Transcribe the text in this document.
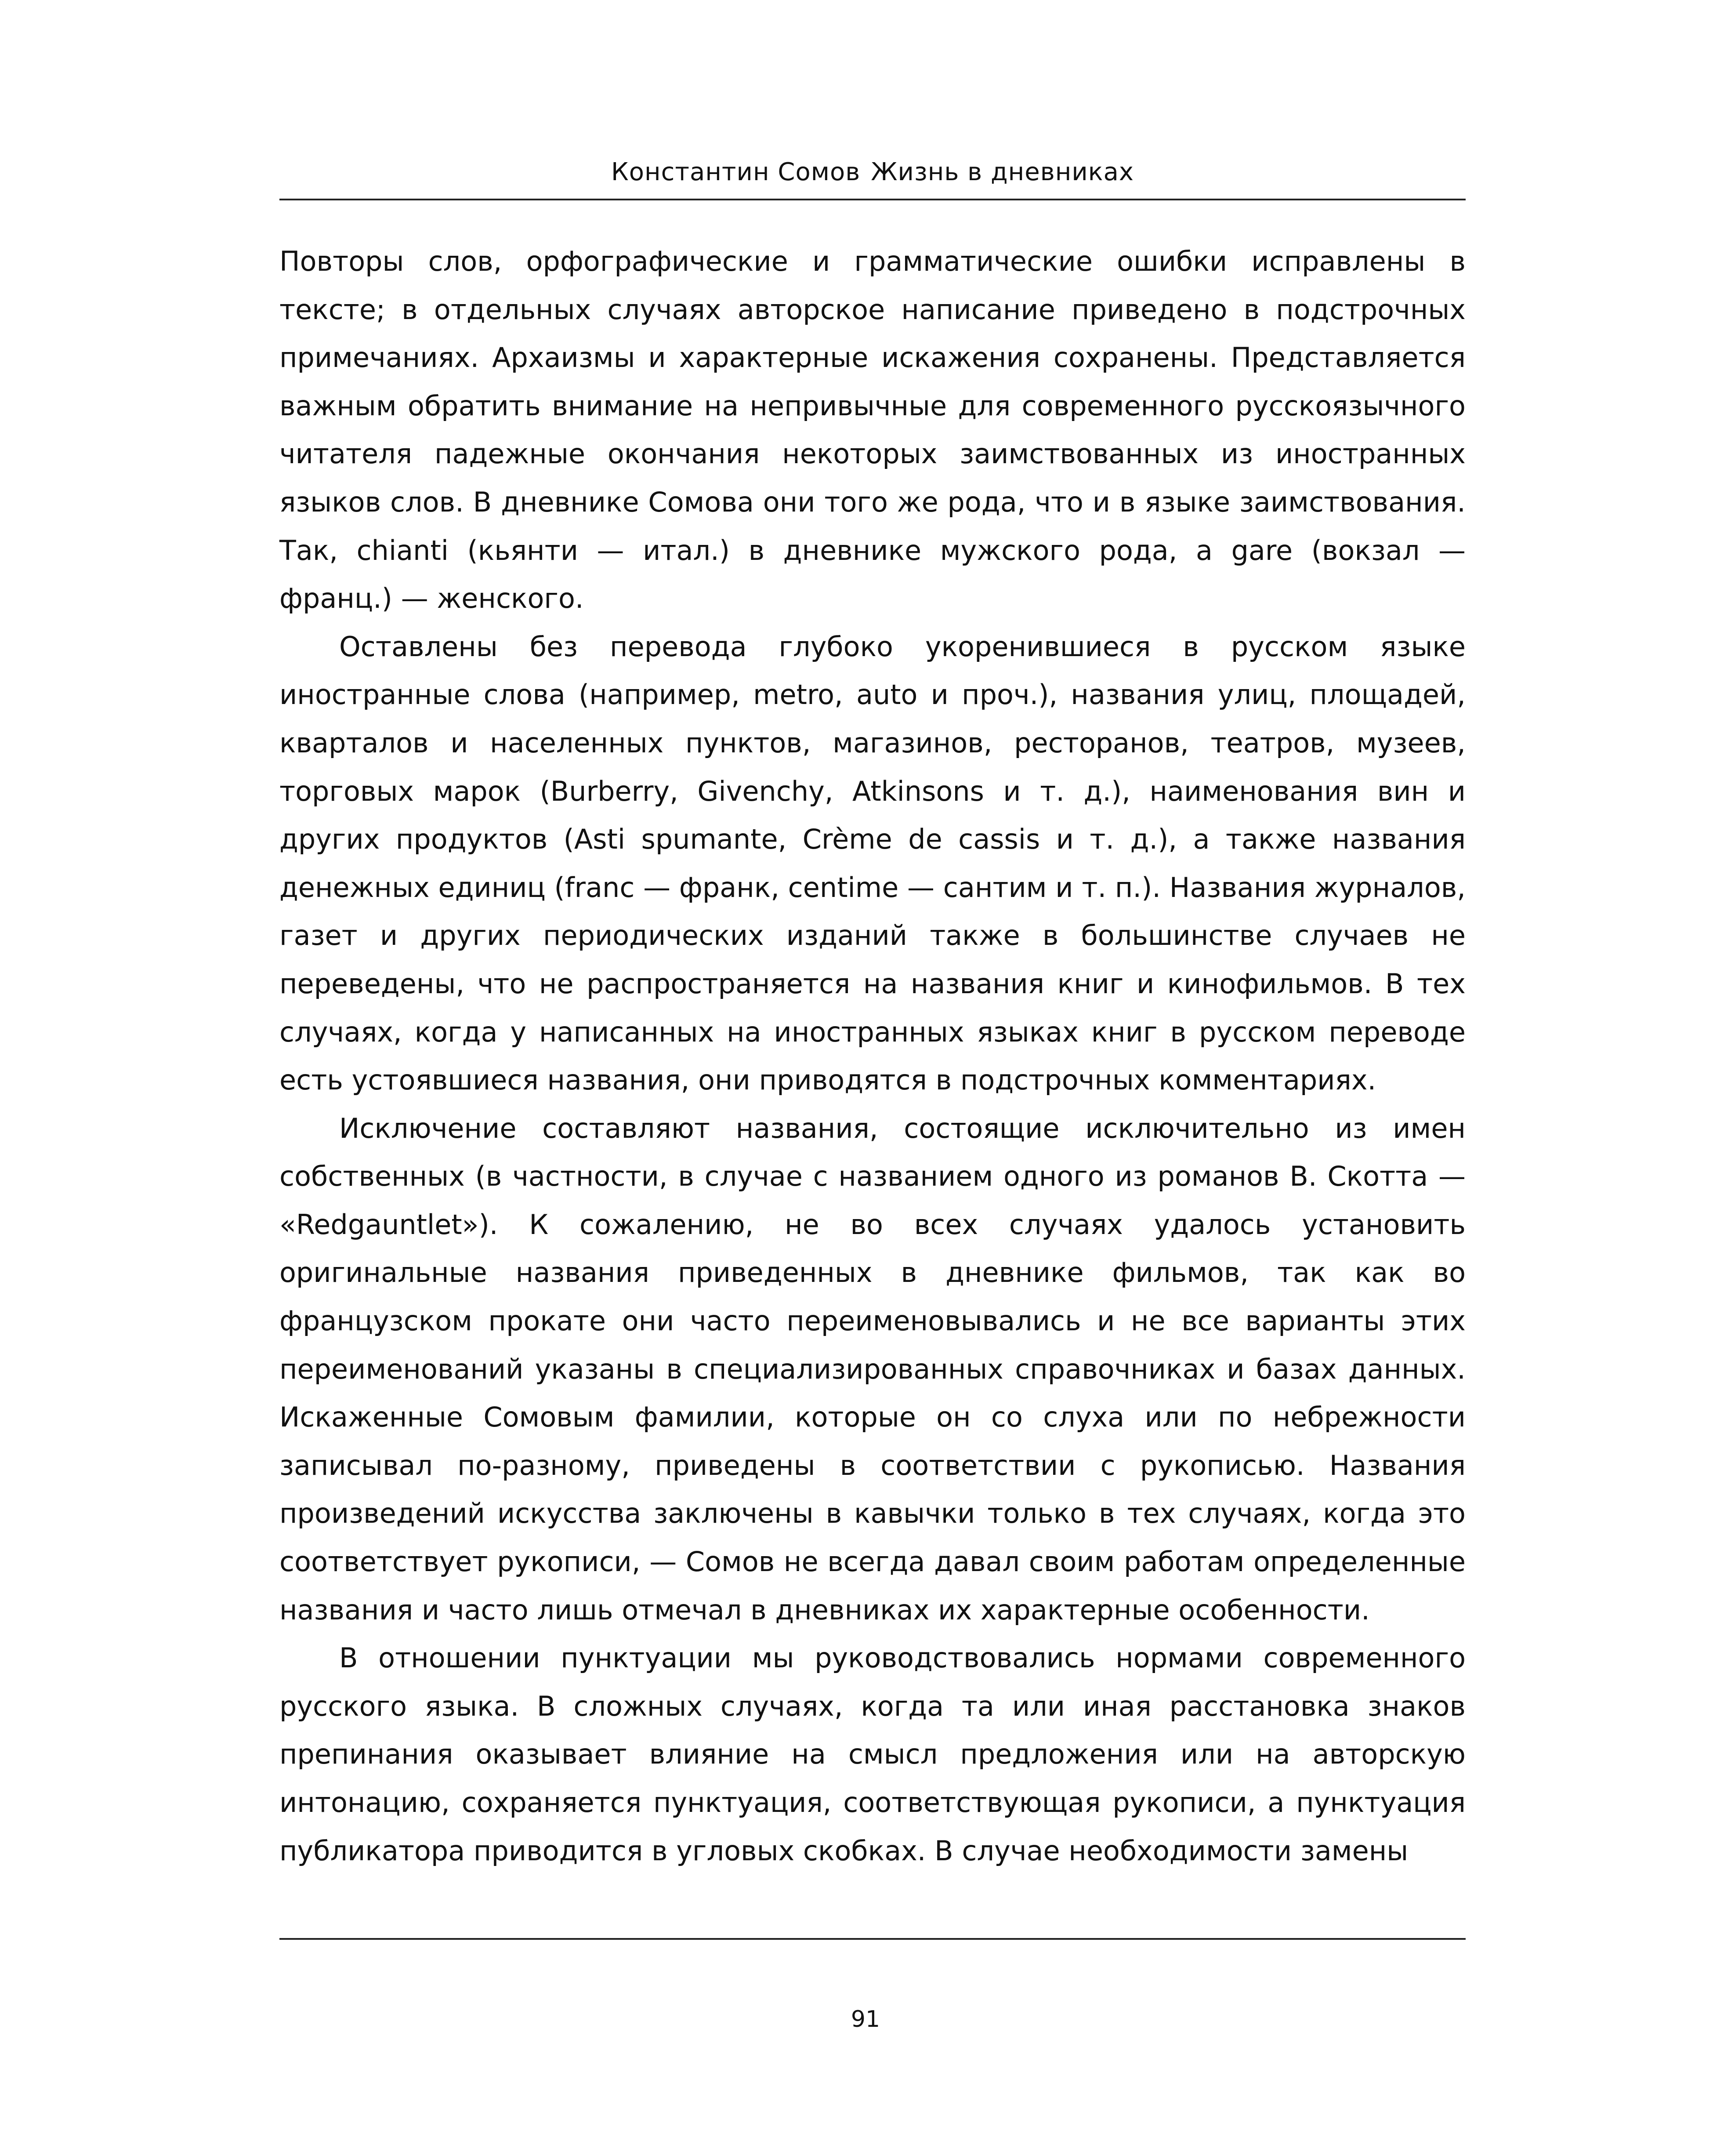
Константин Сомов Жизнь в дневниках

Повторы слов, орфографические и грамматические ошибки исправлены в тексте; в отдельных случаях авторское написание приведено в подстрочных примечаниях. Архаизмы и характерные искажения сохранены. Представляется важным обратить внимание на непривычные для современного русскоязычного читателя падежные окончания некоторых заимствованных из иностранных языков слов. В дневнике Сомова они того же рода, что и в языке заимствования. Так, chianti (кьянти — итал.) в дневнике мужского рода, а gare (вокзал — франц.) — женского.

Оставлены без перевода глубоко укоренившиеся в русском языке иностранные слова (например, metro, auto и проч.), названия улиц, площадей, кварталов и населенных пунктов, магазинов, ресторанов, театров, музеев, торговых марок (Burberry, Givenchy, Atkinsons и т. д.), наименования вин и других продуктов (Asti spumante, Crème de cassis и т. д.), а также названия денежных единиц (franc — франк, centime — сантим и т. п.). Названия журналов, газет и других периодических изданий также в большинстве случаев не переведены, что не распространяется на названия книг и кинофильмов. В тех случаях, когда у написанных на иностранных языках книг в русском переводе есть устоявшиеся названия, они приводятся в подстрочных комментариях.

Исключение составляют названия, состоящие исключительно из имен собственных (в частности, в случае с названием одного из романов В. Скотта — «Redgauntlet»). К сожалению, не во всех случаях удалось установить оригинальные названия приведенных в дневнике фильмов, так как во французском прокате они часто переименовывались и не все варианты этих переименований указаны в специализированных справочниках и базах данных. Искаженные Сомовым фамилии, которые он со слуха или по небрежности записывал по-разному, приведены в соответствии с рукописью. Названия произведений искусства заключены в кавычки только в тех случаях, когда это соответствует рукописи, — Сомов не всегда давал своим работам определенные названия и часто лишь отмечал в дневниках их характерные особенности.

В отношении пунктуации мы руководствовались нормами современного русского языка. В сложных случаях, когда та или иная расстановка знаков препинания оказывает влияние на смысл предложения или на авторскую интонацию, сохраняется пунктуация, соответствующая рукописи, а пунктуация публикатора приводится в угловых скобках. В случае необходимости замены

91
